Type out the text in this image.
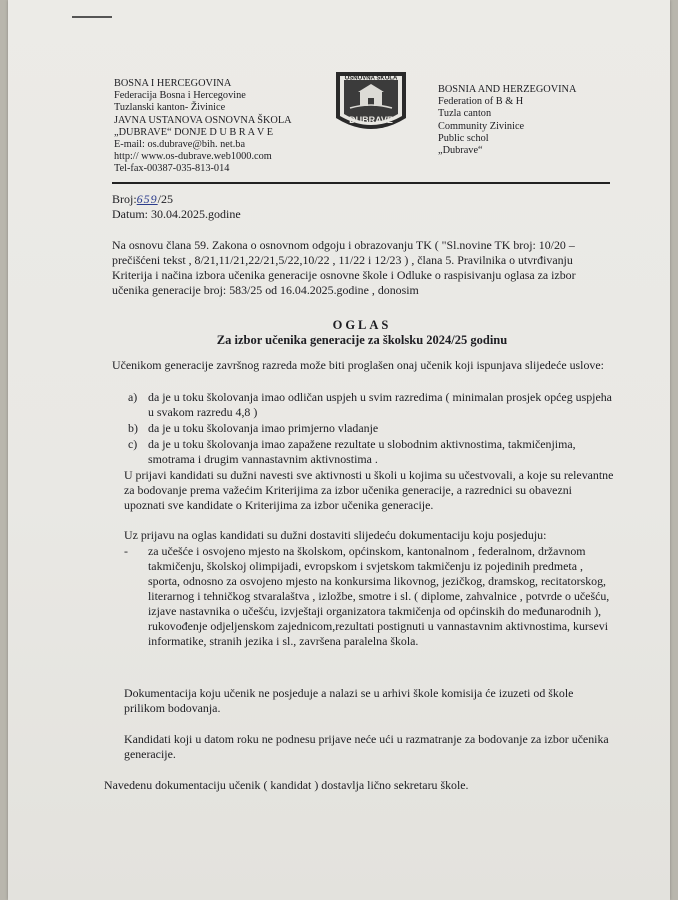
BOSNA I HERCEGOVINA
Federacija Bosna i Hercegovine
Tuzlanski kanton- Živinice
JAVNA USTANOVA OSNOVNA ŠKOLA
„DUBRAVE“ DONJE D U B R A V E
E-mail: os.dubrave@bih. net.ba
http:// www.os-dubrave.web1000.com
Tel-fax-00387-035-813-014
OSNOVNA ŠKOLA
DUBRAVE
BOSNIA AND HERZEGOVINA
Federation of B & H
Tuzla canton
Community Zivinice
Public schol
„Dubrave“
Broj:659/25
Datum: 30.04.2025.godine
Na osnovu člana 59. Zakona o osnovnom odgoju i obrazovanju TK ( "Sl.novine TK broj: 10/20 – prečišćeni tekst , 8/21,11/21,22/21,5/22,10/22 , 11/22 i 12/23 ) , člana 5. Pravilnika o utvrđivanju Kriterija i načina izbora učenika generacije osnovne škole i Odluke o raspisivanju oglasa za izbor učenika generacije broj: 583/25 od 16.04.2025.godine , donosim
OGLAS
Za izbor učenika generacije za školsku 2024/25 godinu
Učenikom generacije završnog razreda može biti proglašen onaj učenik koji ispunjava slijedeće uslove:
a) da je u toku školovanja imao odličan uspjeh u svim razredima ( minimalan prosjek općeg uspjeha u svakom razredu 4,8 )
b) da je u toku školovanja imao primjerno vladanje
c) da je u toku školovanja imao zapažene rezultate u slobodnim aktivnostima, takmičenjima, smotrama i drugim vannastavnim aktivnostima .
U prijavi kandidati su dužni navesti sve aktivnosti u školi u kojima su učestvovali, a koje su relevantne za bodovanje prema važećim Kriterijima za izbor učenika generacije, a razrednici su obavezni upoznati sve kandidate o Kriterijima za izbor učenika generacije.
Uz prijavu na oglas kandidati su dužni dostaviti slijedeću dokumentaciju koju posjeduju:
- za učešće i osvojeno mjesto na školskom, općinskom, kantonalnom , federalnom, državnom takmičenju, školskoj olimpijadi, evropskom i svjetskom takmičenju iz pojedinih predmeta , sporta, odnosno za osvojeno mjesto na konkursima likovnog, jezičkog, dramskog, recitatorskog, literarnog i tehničkog stvaralaštva , izložbe, smotre i sl. ( diplome, zahvalnice , potvrde o učešću, izjave nastavnika o učešću, izvještaji organizatora takmičenja od općinskih do međunarodnih ), rukovođenje odjeljenskom zajednicom,rezultati postignuti u vannastavnim aktivnostima, kursevi informatike, stranih jezika i sl., završena paralelna škola.
Dokumentacija koju učenik ne posjeduje a nalazi se u arhivi škole komisija će izuzeti od škole prilikom bodovanja.
Kandidati koji u datom roku ne podnesu prijave neće ući u razmatranje za bodovanje za izbor učenika generacije.
Navedenu dokumentaciju učenik ( kandidat ) dostavlja lično sekretaru škole.
